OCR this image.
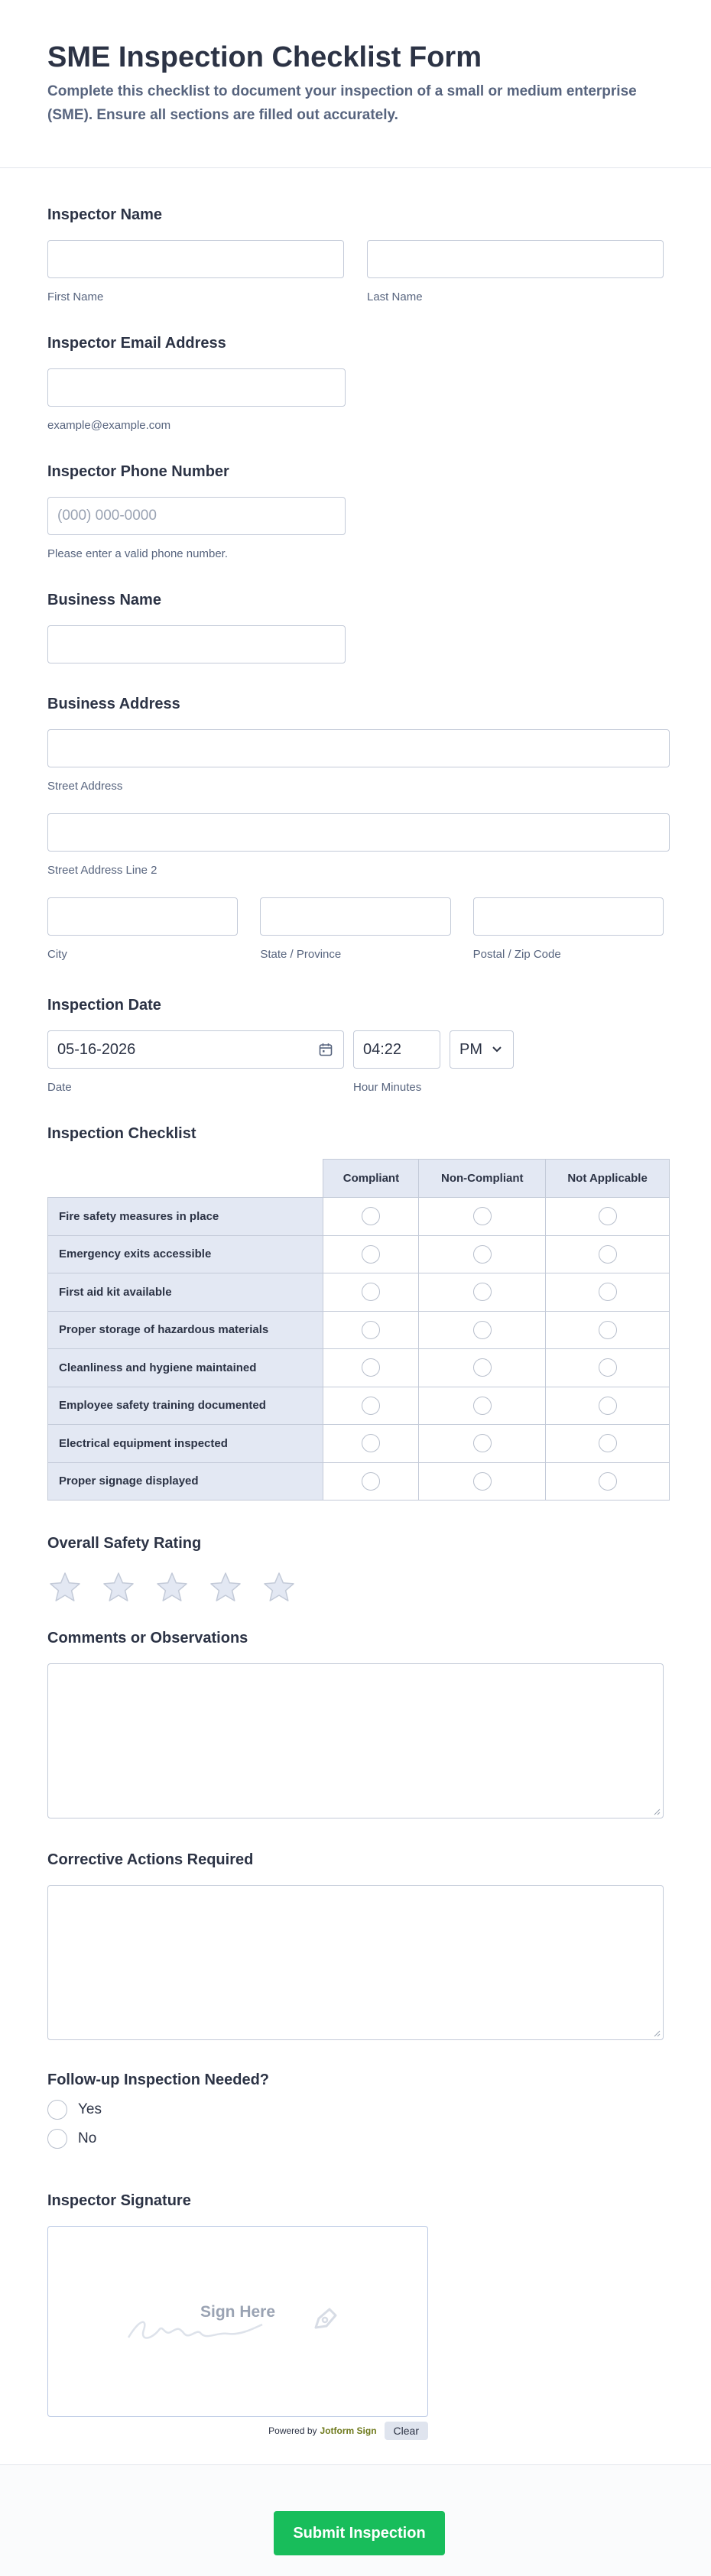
SME Inspection Checklist Form
Complete this checklist to document your inspection of a small or medium enterprise (SME). Ensure all sections are filled out accurately.
Inspector Name
First Name	Last Name
Inspector Email Address
example@example.com
Inspector Phone Number
(000) 000-0000
Please enter a valid phone number.
Business Name
Business Address
Street Address
Street Address Line 2
City	State / Province	Postal / Zip Code
Inspection Date
05-16-2026
Date
04:22
Hour Minutes
PM
Inspection Checklist
	Compliant	Non-Compliant	Not Applicable
Fire safety measures in place			
Emergency exits accessible			
First aid kit available			
Proper storage of hazardous materials			
Cleanliness and hygiene maintained			
Employee safety training documented			
Electrical equipment inspected			
Proper signage displayed			
Overall Safety Rating
Comments or Observations
Corrective Actions Required
Follow-up Inspection Needed?
Yes
No
Inspector Signature
Sign Here
Powered by Jotform Sign	Clear
Submit Inspection
